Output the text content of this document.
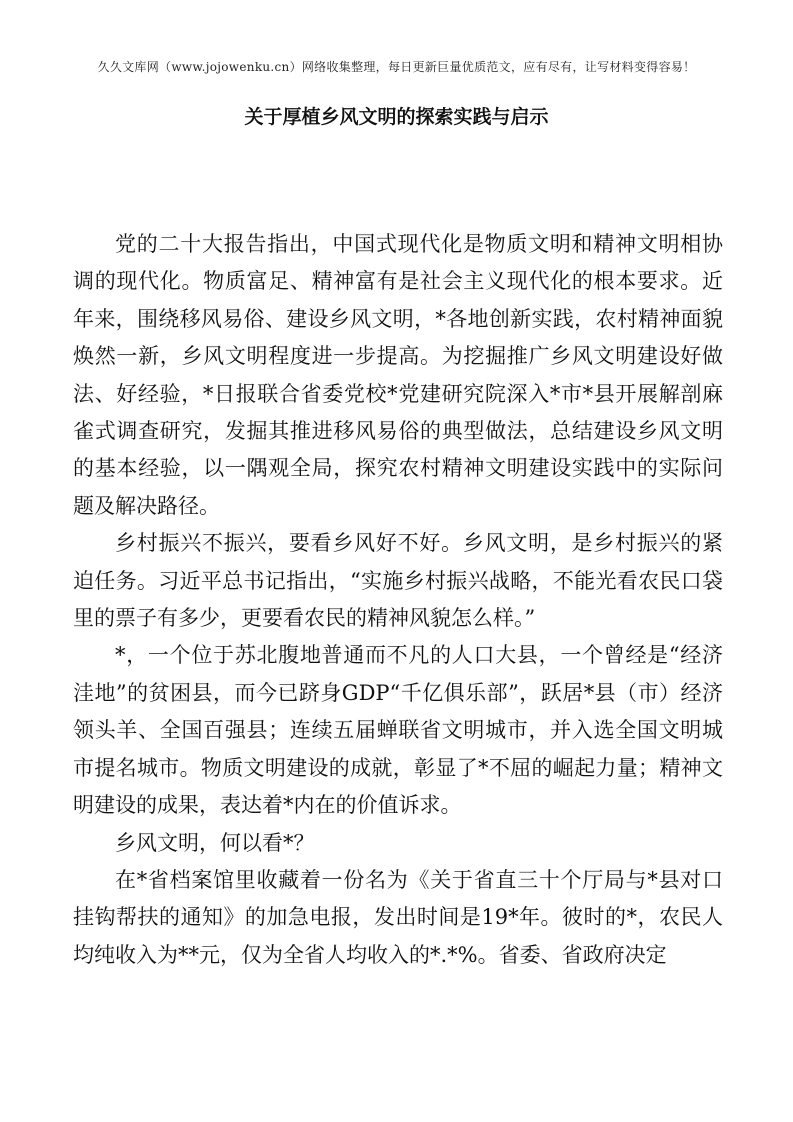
久久文库网（www.jojowenku.cn）网络收集整理，每日更新巨量优质范文，应有尽有，让写材料变得容易！
关于厚植乡风文明的探索实践与启示

党的二十大报告指出，中国式现代化是物质文明和精神文明相协调的现代化。物质富足、精神富有是社会主义现代化的根本要求。近年来，围绕移风易俗、建设乡风文明，*各地创新实践，农村精神面貌焕然一新，乡风文明程度进一步提高。为挖掘推广乡风文明建设好做法、好经验，*日报联合省委党校*党建研究院深入*市*县开展解剖麻雀式调查研究，发掘其推进移风易俗的典型做法，总结建设乡风文明的基本经验，以一隅观全局，探究农村精神文明建设实践中的实际问题及解决路径。

乡村振兴不振兴，要看乡风好不好。乡风文明，是乡村振兴的紧迫任务。习近平总书记指出，“实施乡村振兴战略，不能光看农民口袋里的票子有多少，更要看农民的精神风貌怎么样。”

*，一个位于苏北腹地普通而不凡的人口大县，一个曾经是“经济洼地”的贫困县，而今已跻身GDP“千亿俱乐部”，跃居*县（市）经济领头羊、全国百强县；连续五届蝉联省文明城市，并入选全国文明城市提名城市。物质文明建设的成就，彰显了*不屈的崛起力量；精神文明建设的成果，表达着*内在的价值诉求。

乡风文明，何以看*？

在*省档案馆里收藏着一份名为《关于省直三十个厅局与*县对口挂钩帮扶的通知》的加急电报，发出时间是19*年。彼时的*，农民人均纯收入为**元，仅为全省人均收入的*.*%。省委、省政府决定
